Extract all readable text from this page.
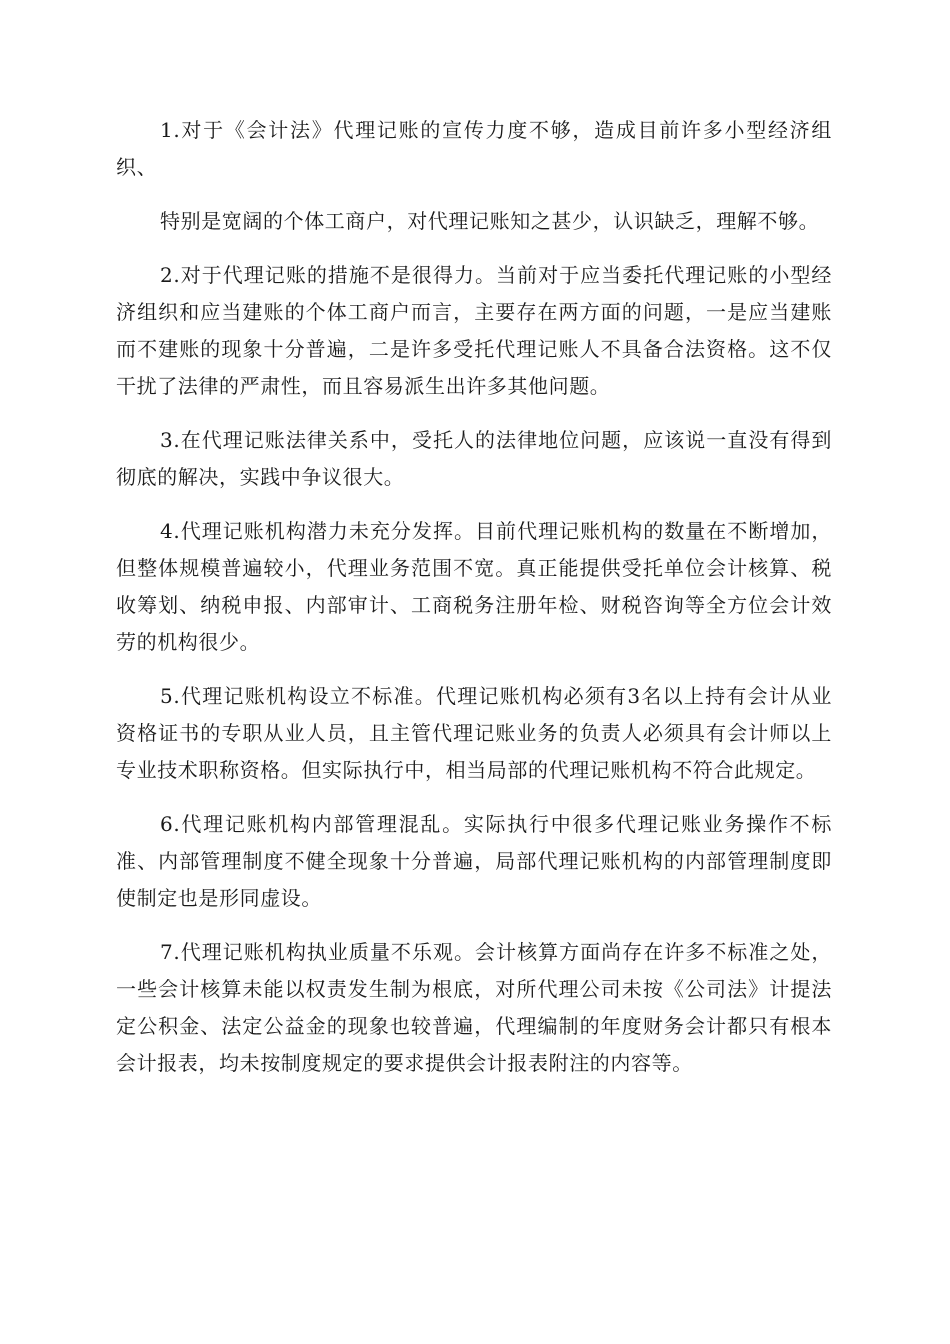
1.对于《会计法》代理记账的宣传力度不够，造成目前许多小型经济组织、

特别是宽阔的个体工商户，对代理记账知之甚少，认识缺乏，理解不够。

2.对于代理记账的措施不是很得力。当前对于应当委托代理记账的小型经济组织和应当建账的个体工商户而言，主要存在两方面的问题，一是应当建账而不建账的现象十分普遍，二是许多受托代理记账人不具备合法资格。这不仅干扰了法律的严肃性，而且容易派生出许多其他问题。

3.在代理记账法律关系中，受托人的法律地位问题，应该说一直没有得到彻底的解决，实践中争议很大。

4.代理记账机构潜力未充分发挥。目前代理记账机构的数量在不断增加，但整体规模普遍较小，代理业务范围不宽。真正能提供受托单位会计核算、税收筹划、纳税申报、内部审计、工商税务注册年检、财税咨询等全方位会计效劳的机构很少。

5.代理记账机构设立不标准。代理记账机构必须有3名以上持有会计从业资格证书的专职从业人员，且主管代理记账业务的负责人必须具有会计师以上专业技术职称资格。但实际执行中，相当局部的代理记账机构不符合此规定。

6.代理记账机构内部管理混乱。实际执行中很多代理记账业务操作不标准、内部管理制度不健全现象十分普遍，局部代理记账机构的内部管理制度即使制定也是形同虚设。

7.代理记账机构执业质量不乐观。会计核算方面尚存在许多不标准之处，一些会计核算未能以权责发生制为根底，对所代理公司未按《公司法》计提法定公积金、法定公益金的现象也较普遍，代理编制的年度财务会计都只有根本会计报表，均未按制度规定的要求提供会计报表附注的内容等。
